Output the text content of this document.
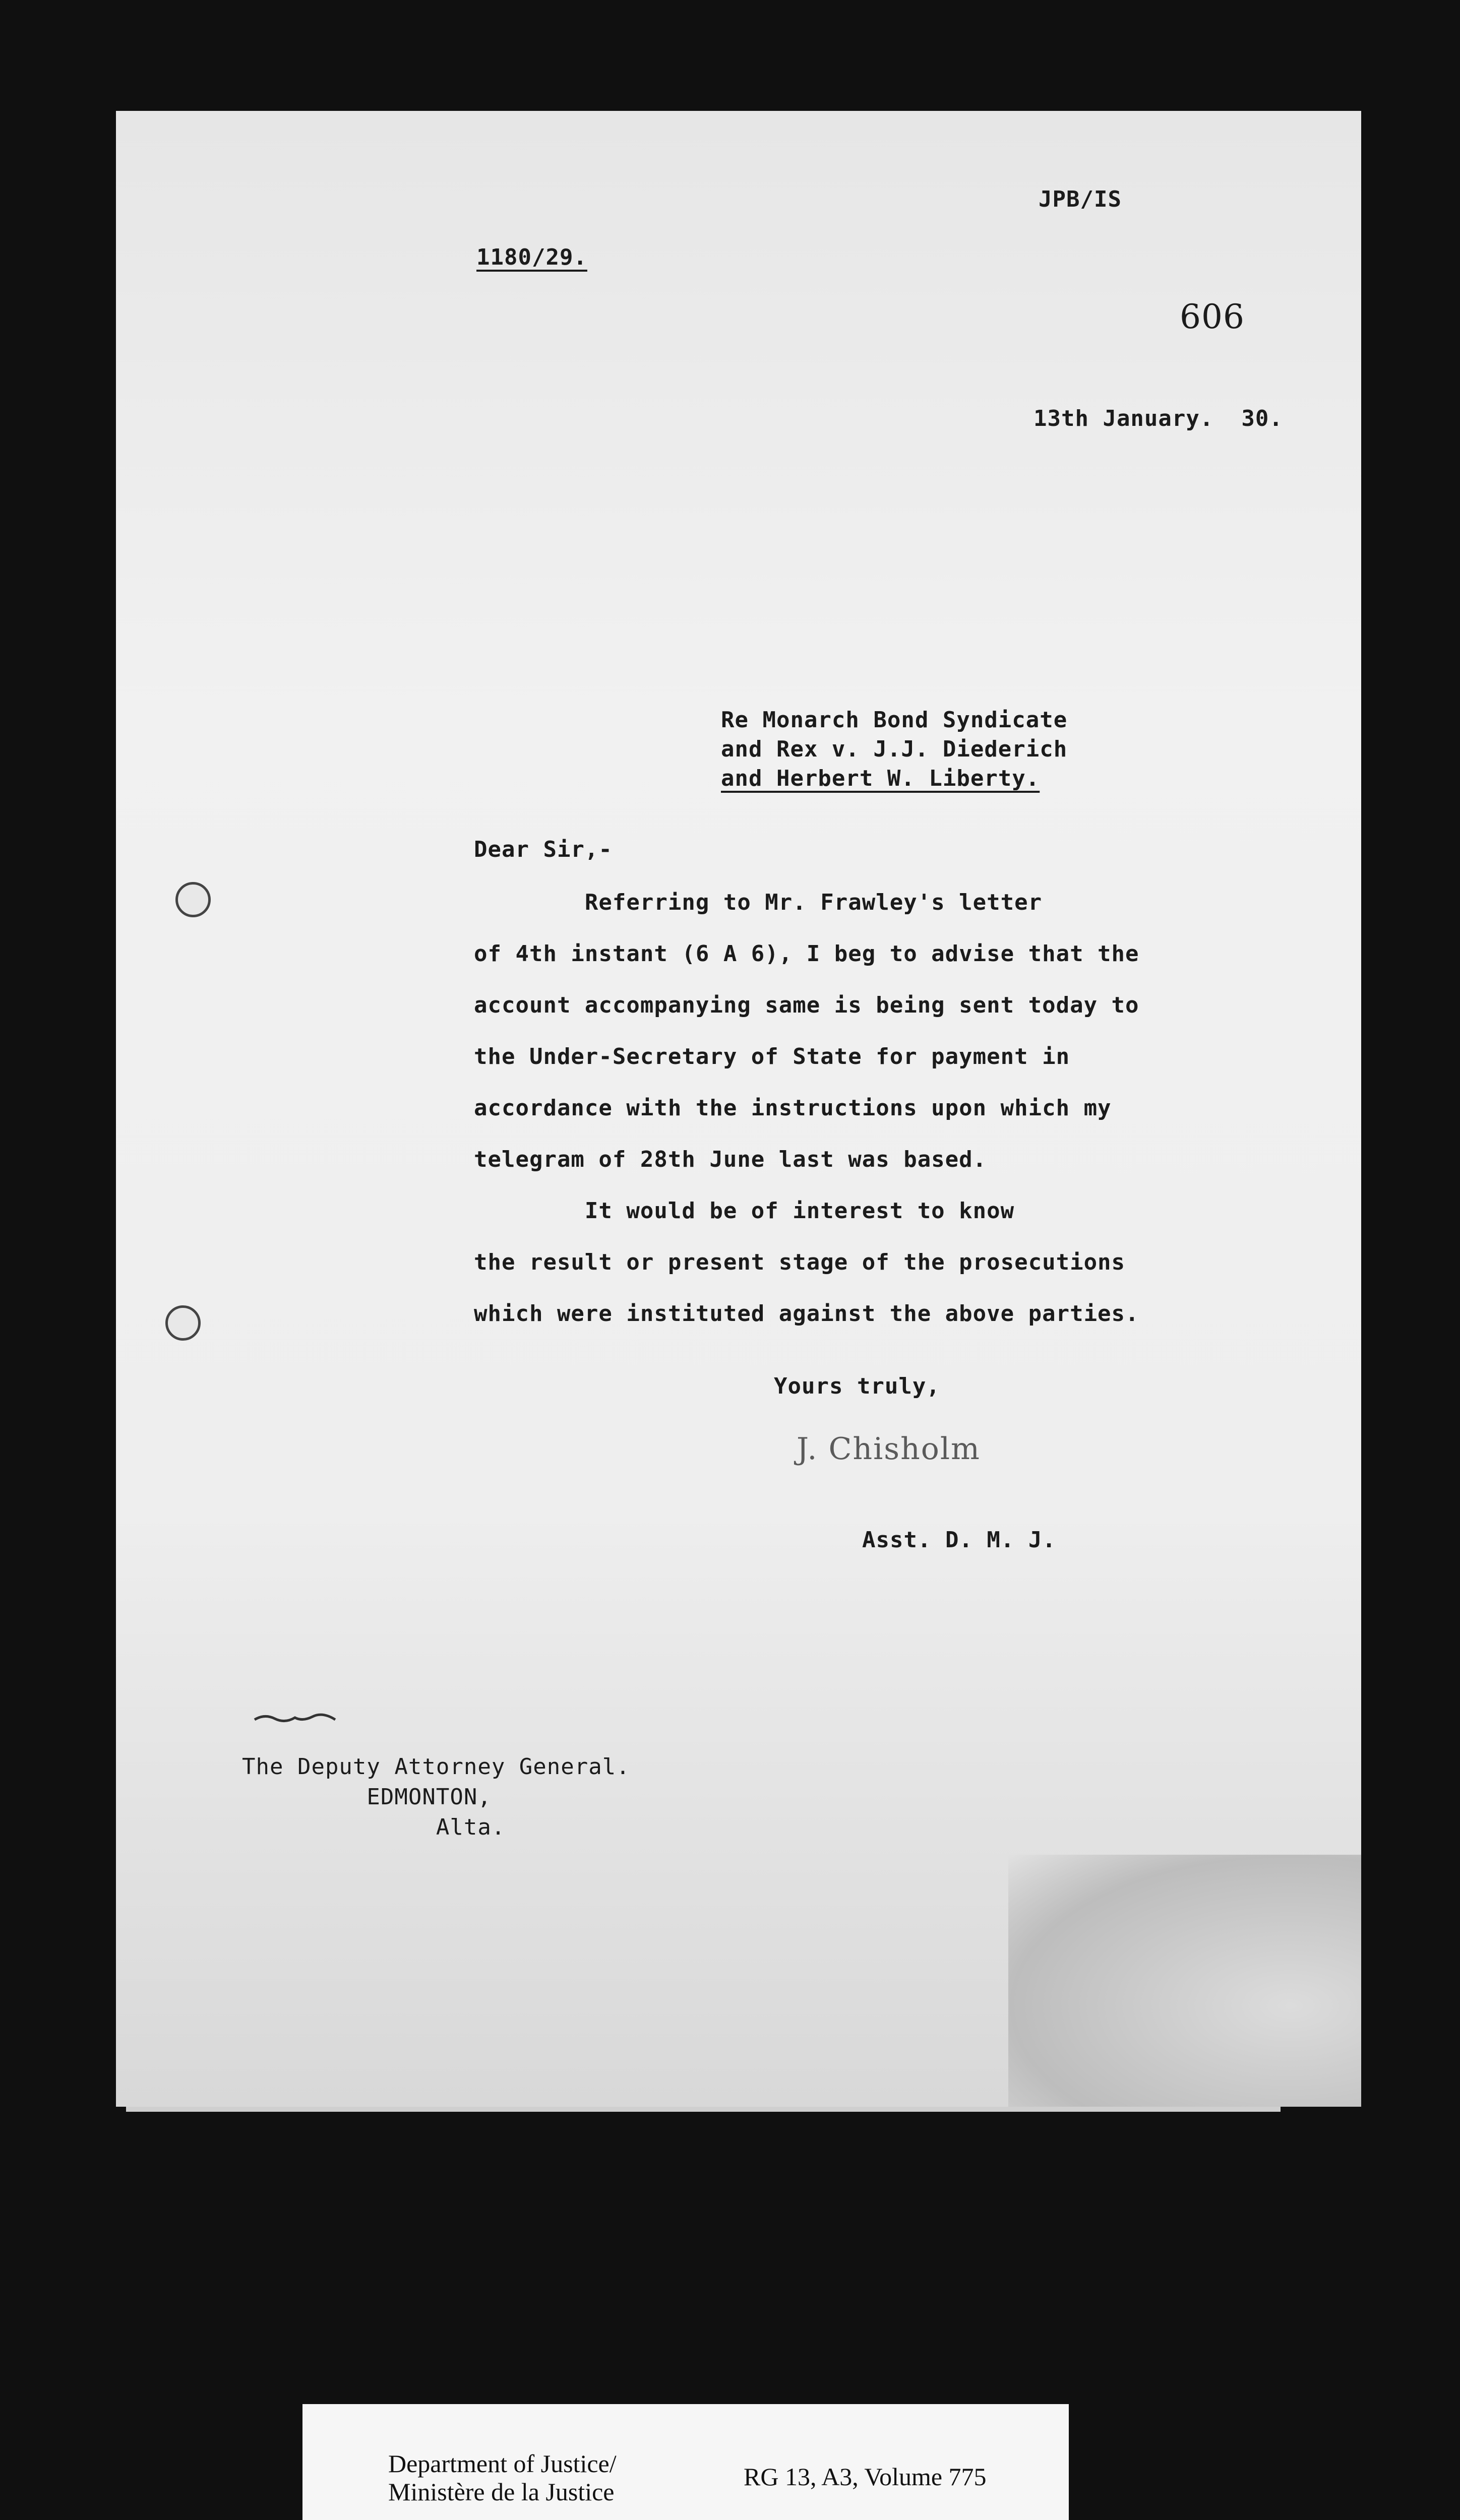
JPB/IS
1180/29.
606
13th January.  30.
Re Monarch Bond Syndicate
and Rex v. J.J. Diederich
and Herbert W. Liberty.
Dear Sir,-
Referring to Mr. Frawley's letter
of 4th instant (6 A 6), I beg to advise that the
account accompanying same is being sent today to
the Under-Secretary of State for payment in
accordance with the instructions upon which my
telegram of 28th June last was based.
It would be of interest to know
the result or present stage of the prosecutions
which were instituted against the above parties.
Yours truly,
J. Chisholm
Asst. D. M. J.
The Deputy Attorney General.
EDMONTON,
Alta.
Department of Justice/
Ministère de la Justice
RG 13, A3, Volume 775
